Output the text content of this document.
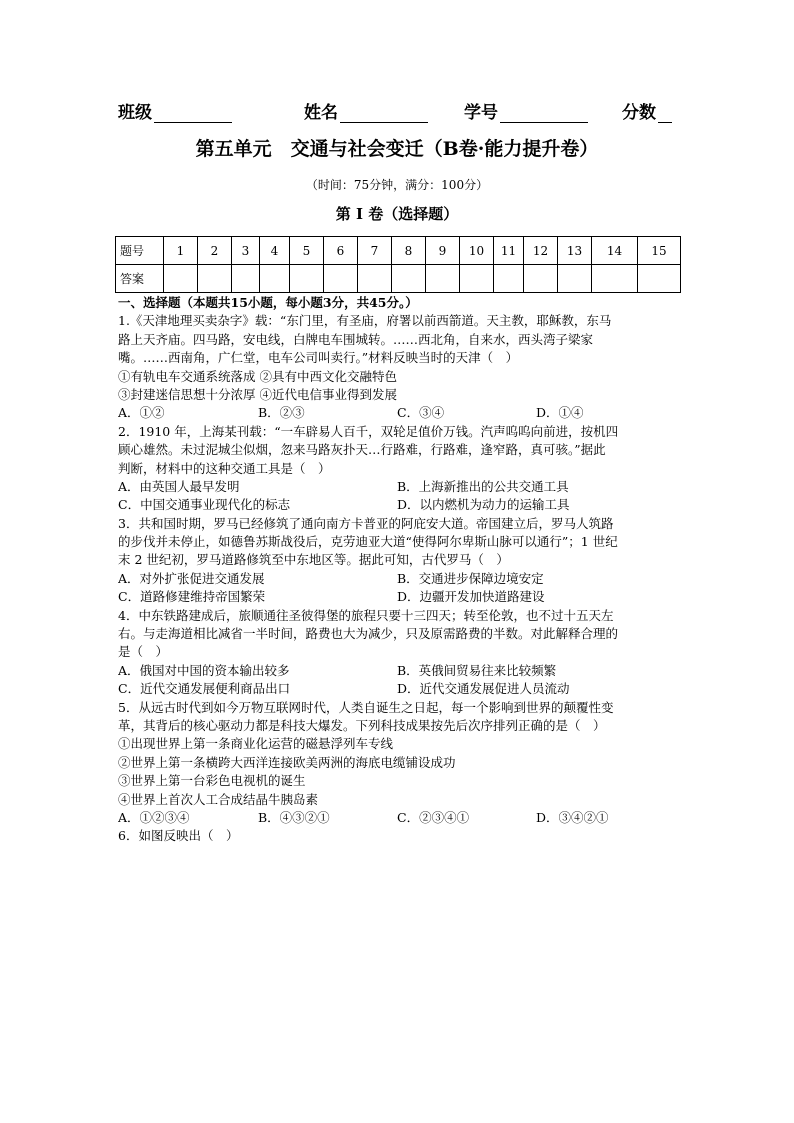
班级	姓名	学号	分数
第五单元　交通与社会变迁（B卷·能力提升卷）
（时间：75分钟，满分：100分）
第 I 卷（选择题）
题号	1	2	3	4	5	6	7	8	9	10	11	12	13	14	15
答案															
一、选择题（本题共15小题，每小题3分，共45分。）
1.《天津地理买卖杂字》载：“东门里，有圣庙，府署以前西箭道。天主教，耶稣教，东马
路上天齐庙。四马路，安电线，白牌电车围城转。……西北角，自来水，西头湾子梁家
嘴。……西南角，广仁堂，电车公司叫卖行。”材料反映当时的天津（　）
①有轨电车交通系统落成 ②具有中西文化交融特色
③封建迷信思想十分浓厚 ④近代电信事业得到发展
A．①②	B．②③	C．③④	D．①④
2．1910 年，上海某刊载：“一车辟易人百千，双轮足值价万钱。汽声呜呜向前进，按机四
顾心雄然。未过泥城尘似烟，忽来马路灰扑天…行路难，行路难，逢窄路，真可骇。”据此
判断，材料中的这种交通工具是（　）
A．由英国人最早发明	B．上海新推出的公共交通工具
C．中国交通事业现代化的标志	D．以内燃机为动力的运输工具
3．共和国时期，罗马已经修筑了通向南方卡普亚的阿庇安大道。帝国建立后，罗马人筑路
的步伐并未停止，如德鲁苏斯战役后，克劳迪亚大道“使得阿尔卑斯山脉可以通行”；1 世纪
末 2 世纪初，罗马道路修筑至中东地区等。据此可知，古代罗马（　）
A．对外扩张促进交通发展	B．交通进步保障边境安定
C．道路修建维持帝国繁荣	D．边疆开发加快道路建设
4．中东铁路建成后，旅顺通往圣彼得堡的旅程只要十三四天；转至伦敦，也不过十五天左
右。与走海道相比减省一半时间，路费也大为减少，只及原需路费的半数。对此解释合理的
是（　）
A．俄国对中国的资本输出较多	B．英俄间贸易往来比较频繁
C．近代交通发展便利商品出口	D．近代交通发展促进人员流动
5．从远古时代到如今万物互联网时代，人类自诞生之日起，每一个影响到世界的颠覆性变
革，其背后的核心驱动力都是科技大爆发。下列科技成果按先后次序排列正确的是（　）
①出现世界上第一条商业化运营的磁悬浮列车专线
②世界上第一条横跨大西洋连接欧美两洲的海底电缆铺设成功
③世界上第一台彩色电视机的诞生
④世界上首次人工合成结晶牛胰岛素
A．①②③④	B．④③②①	C．②③④①	D．③④②①
6．如图反映出（　）
